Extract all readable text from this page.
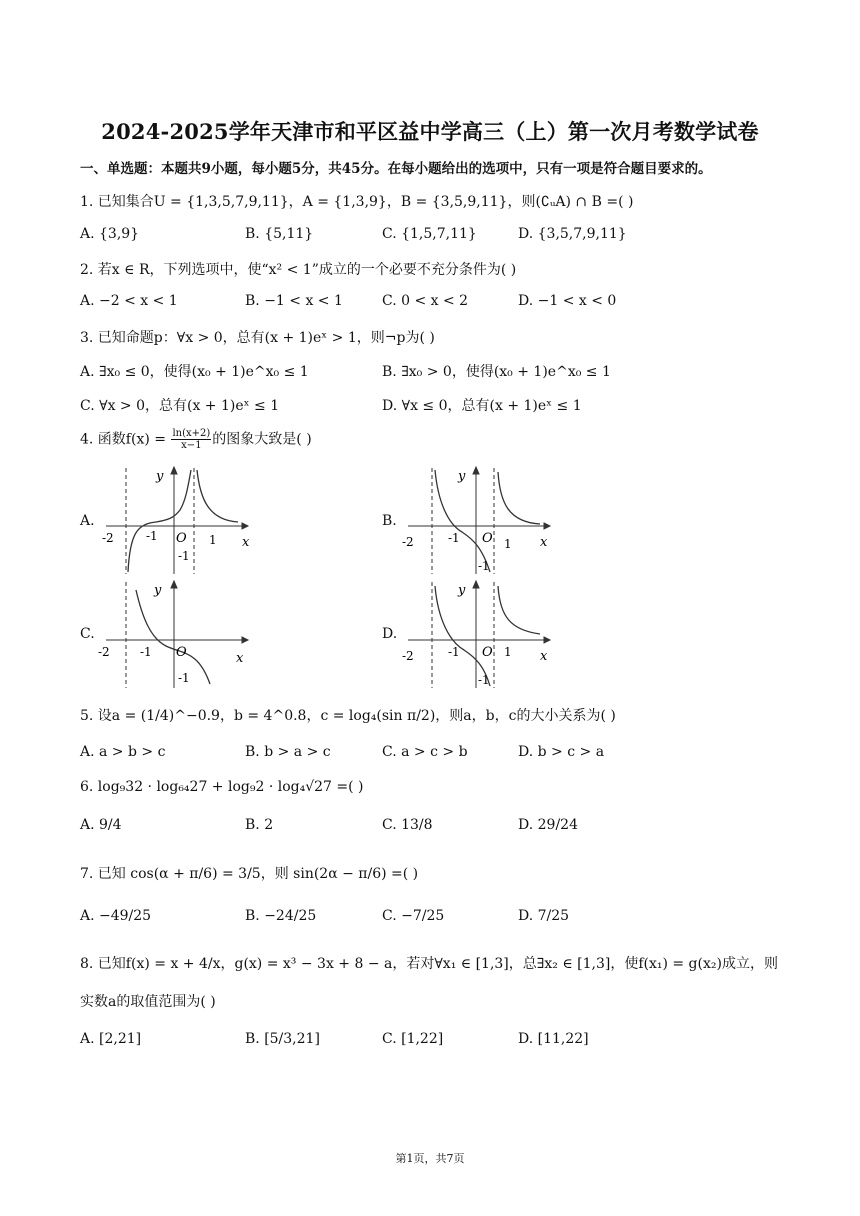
2024-2025学年天津市和平区益中学高三（上）第一次月考数学试卷
一、单选题：本题共9小题，每小题5分，共45分。在每小题给出的选项中，只有一项是符合题目要求的。
1. 已知集合U = {1,3,5,7,9,11}，A = {1,3,9}，B = {3,5,9,11}，则(∁ᵤA) ∩ B =( )
A. {3,9}	B. {5,11}	C. {1,5,7,11}	D. {3,5,7,9,11}
2. 若x ∈ R，下列选项中，使“x² < 1”成立的一个必要不充分条件为( )
A. −2 < x < 1	B. −1 < x < 1	C. 0 < x < 2	D. −1 < x < 0
3. 已知命题p：∀x > 0，总有(x + 1)eˣ > 1，则¬p为( )
A. ∃x₀ ≤ 0，使得(x₀ + 1)e^x₀ ≤ 1	B. ∃x₀ > 0，使得(x₀ + 1)e^x₀ ≤ 1
C. ∀x > 0，总有(x + 1)eˣ ≤ 1	D. ∀x ≤ 0，总有(x + 1)eˣ ≤ 1
4. 函数$f(x) = \frac{\ln(x+2)}{x-1}$ 的图象大致是( )
A.	B.
C.	D.
y
x
O
-2	-1	1
-1
y
x
O
-2	-1	1
-1
y
x
O
-2	-1
-1
y
x
O
-2	-1	1
-1
5. 设a = (1/4)^−0.9，b = 4^0.8，c = log₄(sin π/2)，则a，b，c的大小关系为( )
A. a > b > c	B. b > a > c	C. a > c > b	D. b > c > a
6. log₉32 · log₆₄27 + log₉2 · log₄√27 =( )
A. 9/4	B. 2	C. 13/8	D. 29/24
7. 已知 cos(α + π/6) = 3/5，则 sin(2α − π/6) =( )
A. −49/25	B. −24/25	C. −7/25	D. 7/25
8. 已知f(x) = x + 4/x，g(x) = x³ − 3x + 8 − a，若对∀x₁ ∈ [1,3]，总∃x₂ ∈ [1,3]，使f(x₁) = g(x₂)成立，则
实数a的取值范围为( )
A. [2,21]	B. [5/3,21]	C. [1,22]	D. [11,22]
第1页，共7页
